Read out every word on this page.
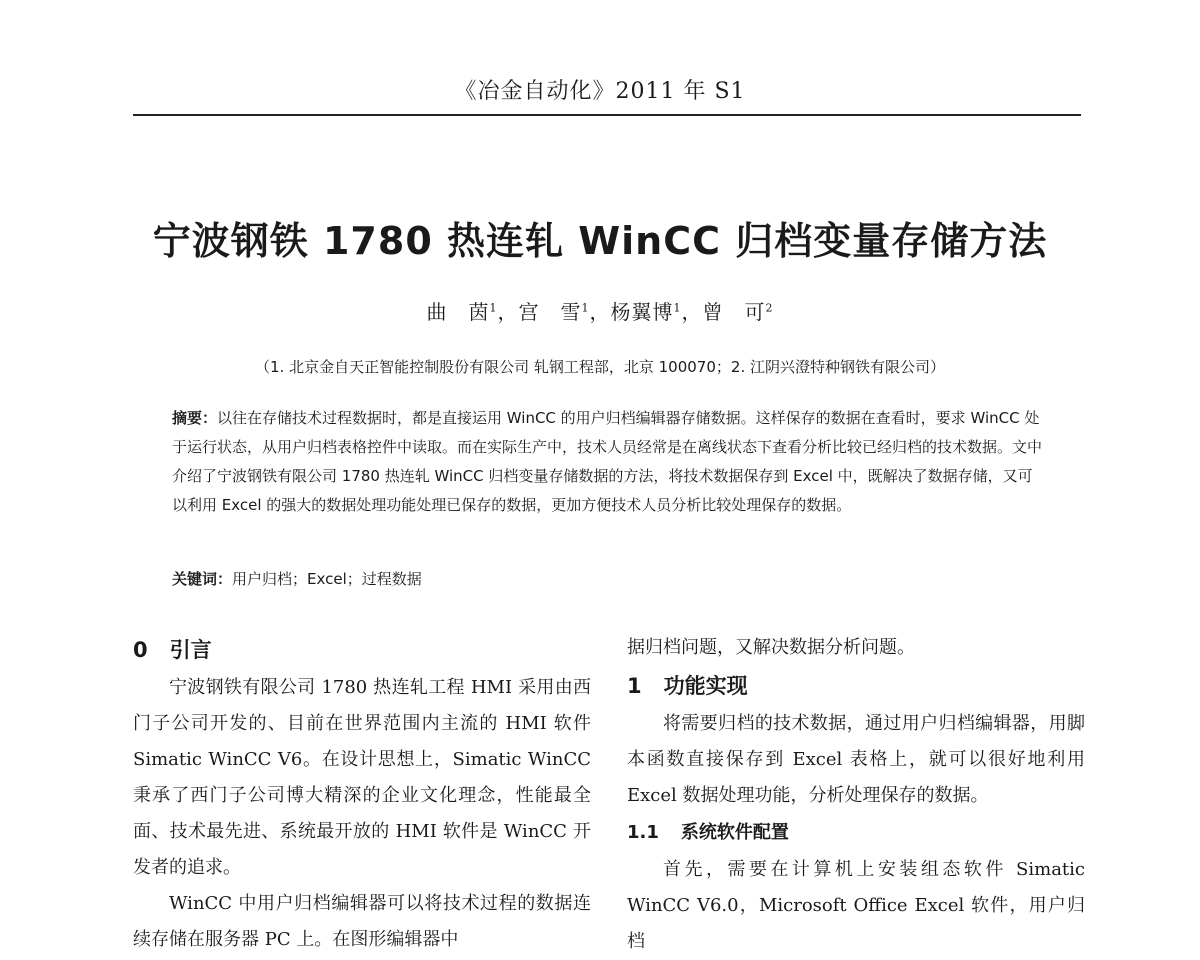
《冶金自动化》2011 年 S1
宁波钢铁 1780 热连轧 WinCC 归档变量存储方法
曲　茵$^1$，宫　雪$^1$，杨翼博$^1$，曾　可$^2$
（1. 北京金自天正智能控制股份有限公司 轧钢工程部，北京 100070；2. 江阴兴澄特种钢铁有限公司）
摘要：以往在存储技术过程数据时，都是直接运用 WinCC 的用户归档编辑器存储数据。这样保存的数据在查看时，要求 WinCC 处于运行状态，从用户归档表格控件中读取。而在实际生产中，技术人员经常是在离线状态下查看分析比较已经归档的技术数据。文中介绍了宁波钢铁有限公司 1780 热连轧 WinCC 归档变量存储数据的方法，将技术数据保存到 Excel 中，既解决了数据存储，又可以利用 Excel 的强大的数据处理功能处理已保存的数据，更加方便技术人员分析比较处理保存的数据。
关键词：用户归档；Excel；过程数据
0 引言

宁波钢铁有限公司 1780 热连轧工程 HMI 采用由西门子公司开发的、目前在世界范围内主流的 HMI 软件 Simatic WinCC V6。在设计思想上，Simatic WinCC 秉承了西门子公司博大精深的企业文化理念，性能最全面、技术最先进、系统最开放的 HMI 软件是 WinCC 开发者的追求。

WinCC 中用户归档编辑器可以将技术过程的数据连续存储在服务器 PC 上。在图形编辑器中

据归档问题，又解决数据分析问题。

1 功能实现

将需要归档的技术数据，通过用户归档编辑器，用脚本函数直接保存到 Excel 表格上，就可以很好地利用 Excel 数据处理功能，分析处理保存的数据。

1.1 系统软件配置

首先，需要在计算机上安装组态软件 Simatic WinCC V6.0，Microsoft Office Excel 软件，用户归档
